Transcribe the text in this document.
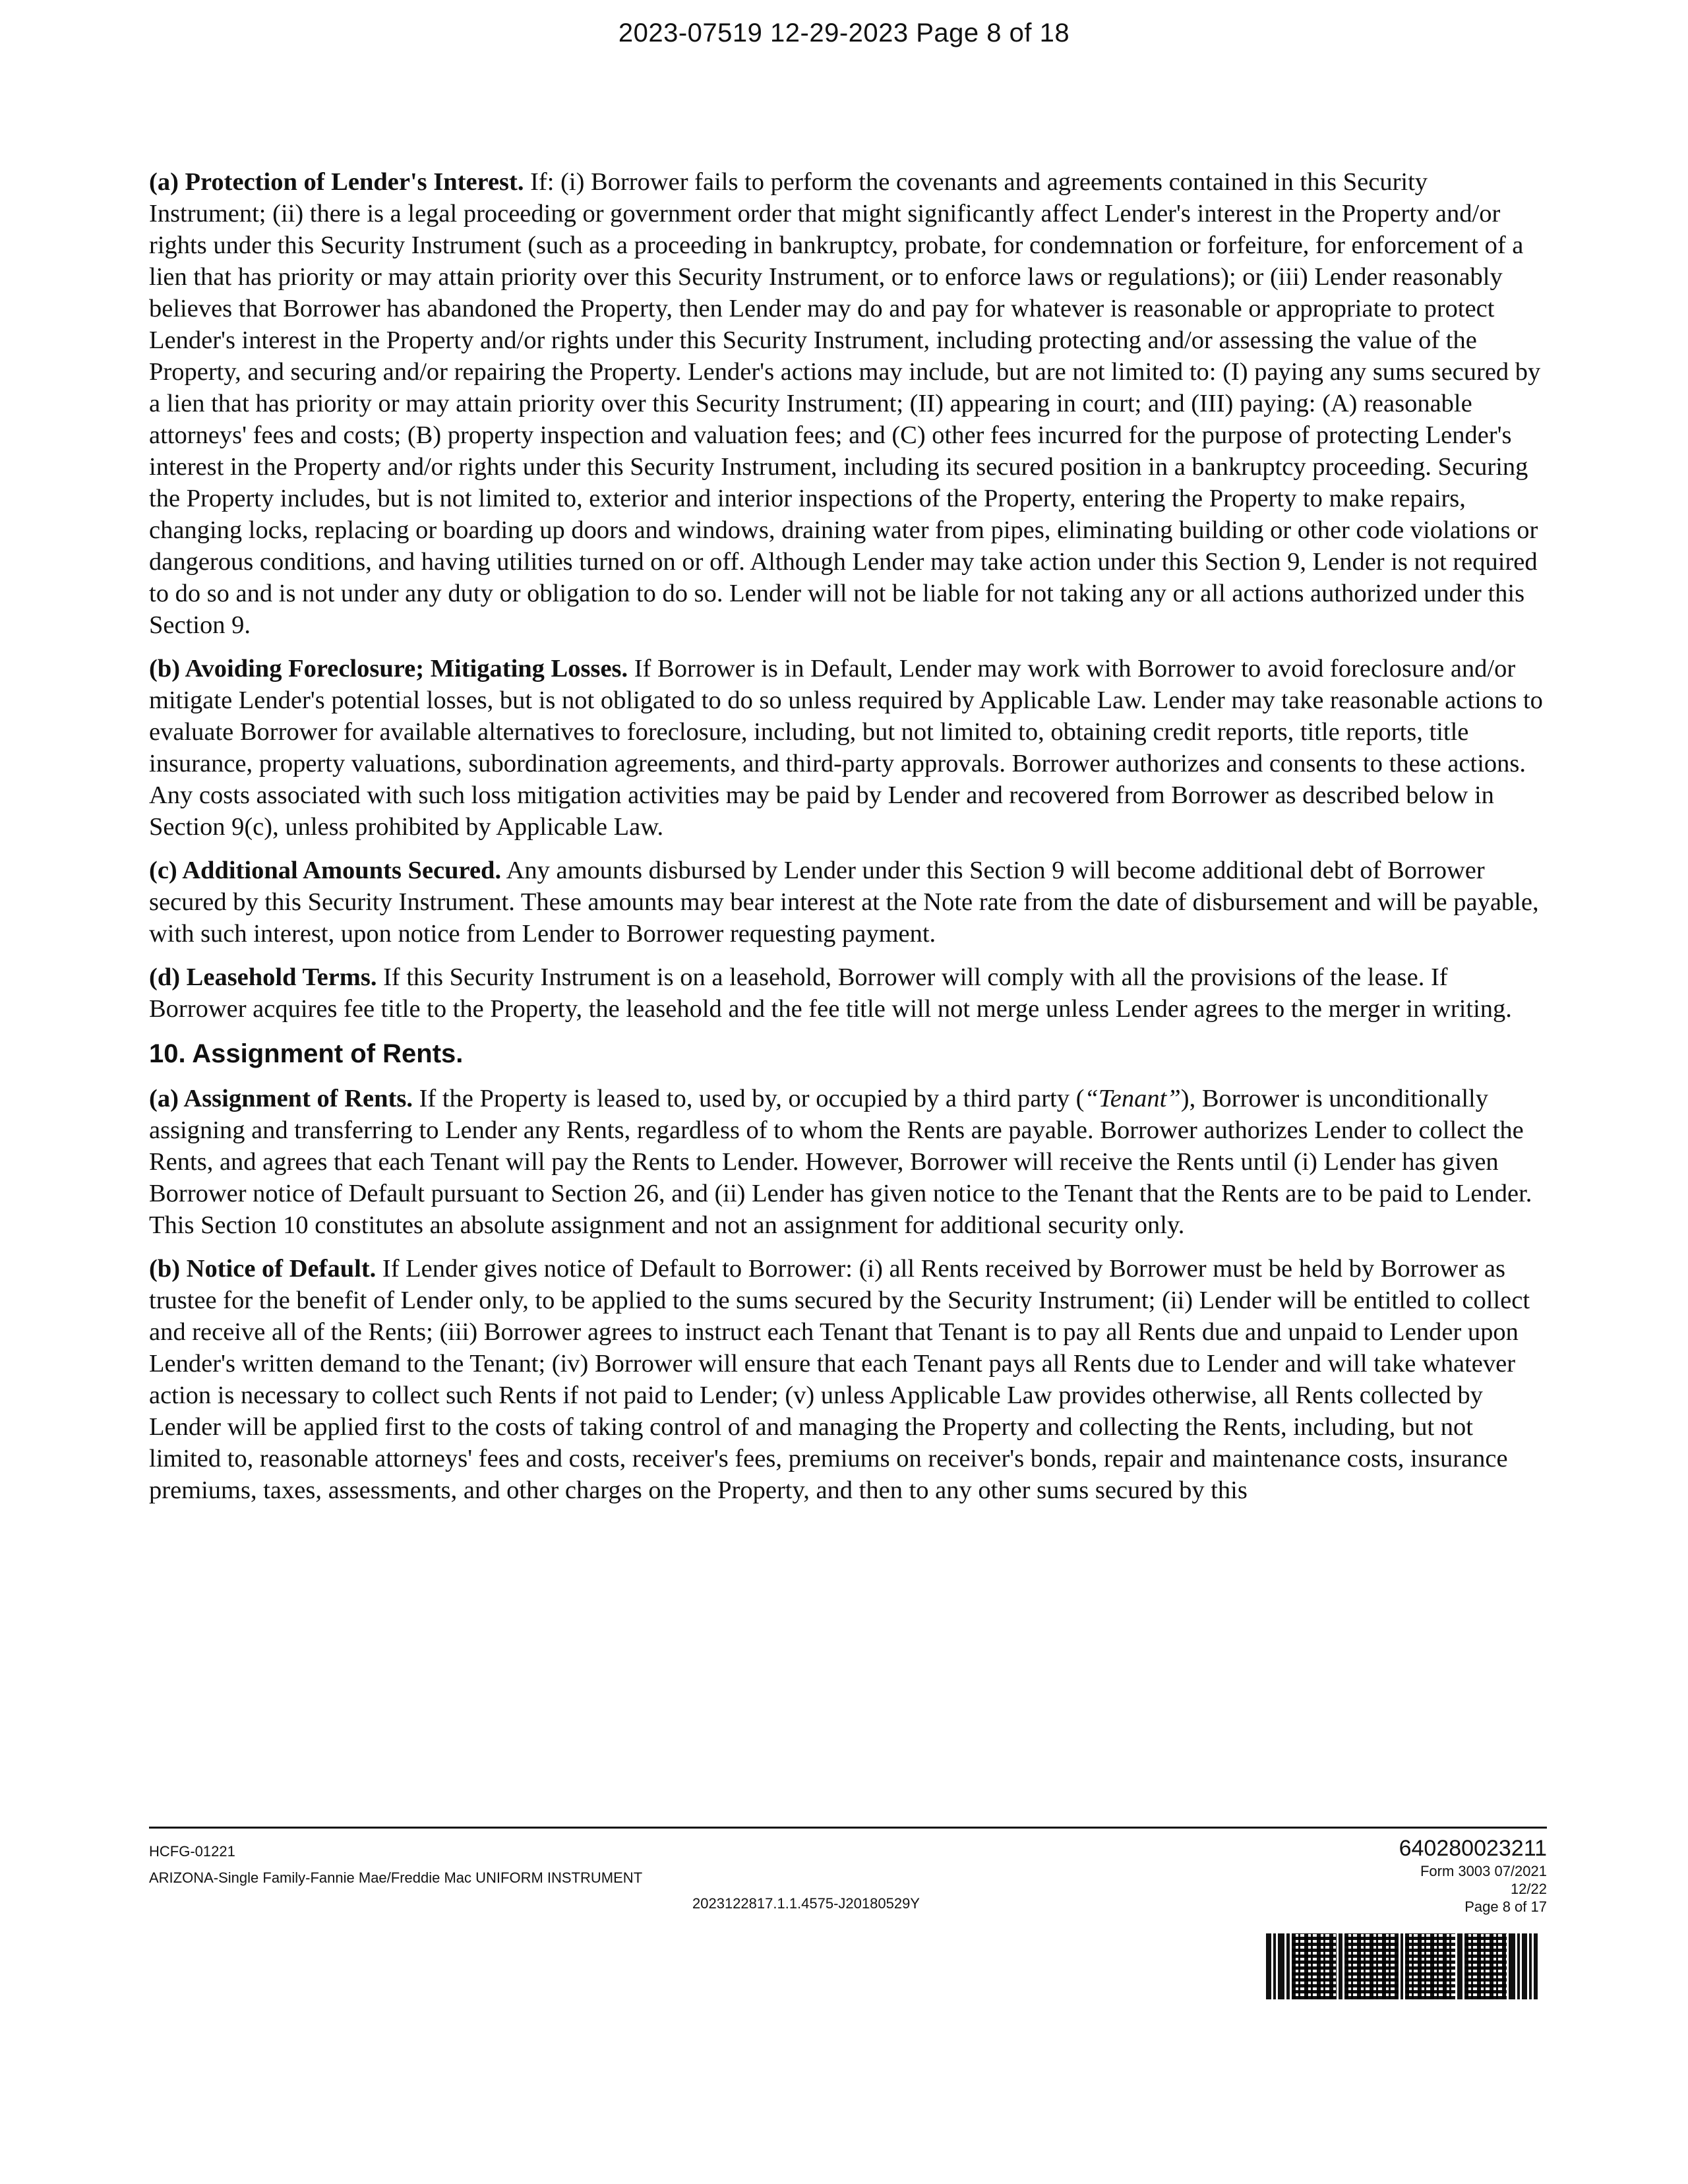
2023-07519 12-29-2023 Page 8 of 18

(a) Protection of Lender's Interest. If: (i) Borrower fails to perform the covenants and agreements contained in this Security Instrument; (ii) there is a legal proceeding or government order that might significantly affect Lender's interest in the Property and/or rights under this Security Instrument (such as a proceeding in bankruptcy, probate, for condemnation or forfeiture, for enforcement of a lien that has priority or may attain priority over this Security Instrument, or to enforce laws or regulations); or (iii) Lender reasonably believes that Borrower has abandoned the Property, then Lender may do and pay for whatever is reasonable or appropriate to protect Lender's interest in the Property and/or rights under this Security Instrument, including protecting and/or assessing the value of the Property, and securing and/or repairing the Property. Lender's actions may include, but are not limited to: (I) paying any sums secured by a lien that has priority or may attain priority over this Security Instrument; (II) appearing in court; and (III) paying: (A) reasonable attorneys' fees and costs; (B) property inspection and valuation fees; and (C) other fees incurred for the purpose of protecting Lender's interest in the Property and/or rights under this Security Instrument, including its secured position in a bankruptcy proceeding. Securing the Property includes, but is not limited to, exterior and interior inspections of the Property, entering the Property to make repairs, changing locks, replacing or boarding up doors and windows, draining water from pipes, eliminating building or other code violations or dangerous conditions, and having utilities turned on or off. Although Lender may take action under this Section 9, Lender is not required to do so and is not under any duty or obligation to do so. Lender will not be liable for not taking any or all actions authorized under this Section 9.

(b) Avoiding Foreclosure; Mitigating Losses. If Borrower is in Default, Lender may work with Borrower to avoid foreclosure and/or mitigate Lender's potential losses, but is not obligated to do so unless required by Applicable Law. Lender may take reasonable actions to evaluate Borrower for available alternatives to foreclosure, including, but not limited to, obtaining credit reports, title reports, title insurance, property valuations, subordination agreements, and third-party approvals. Borrower authorizes and consents to these actions. Any costs associated with such loss mitigation activities may be paid by Lender and recovered from Borrower as described below in Section 9(c), unless prohibited by Applicable Law.

(c) Additional Amounts Secured. Any amounts disbursed by Lender under this Section 9 will become additional debt of Borrower secured by this Security Instrument. These amounts may bear interest at the Note rate from the date of disbursement and will be payable, with such interest, upon notice from Lender to Borrower requesting payment.

(d) Leasehold Terms. If this Security Instrument is on a leasehold, Borrower will comply with all the provisions of the lease. If Borrower acquires fee title to the Property, the leasehold and the fee title will not merge unless Lender agrees to the merger in writing.

10. Assignment of Rents.

(a) Assignment of Rents. If the Property is leased to, used by, or occupied by a third party (“Tenant”), Borrower is unconditionally assigning and transferring to Lender any Rents, regardless of to whom the Rents are payable. Borrower authorizes Lender to collect the Rents, and agrees that each Tenant will pay the Rents to Lender. However, Borrower will receive the Rents until (i) Lender has given Borrower notice of Default pursuant to Section 26, and (ii) Lender has given notice to the Tenant that the Rents are to be paid to Lender. This Section 10 constitutes an absolute assignment and not an assignment for additional security only.

(b) Notice of Default. If Lender gives notice of Default to Borrower: (i) all Rents received by Borrower must be held by Borrower as trustee for the benefit of Lender only, to be applied to the sums secured by the Security Instrument; (ii) Lender will be entitled to collect and receive all of the Rents; (iii) Borrower agrees to instruct each Tenant that Tenant is to pay all Rents due and unpaid to Lender upon Lender's written demand to the Tenant; (iv) Borrower will ensure that each Tenant pays all Rents due to Lender and will take whatever action is necessary to collect such Rents if not paid to Lender; (v) unless Applicable Law provides otherwise, all Rents collected by Lender will be applied first to the costs of taking control of and managing the Property and collecting the Rents, including, but not limited to, reasonable attorneys' fees and costs, receiver's fees, premiums on receiver's bonds, repair and maintenance costs, insurance premiums, taxes, assessments, and other charges on the Property, and then to any other sums secured by this

HCFG-01221
ARIZONA-Single Family-Fannie Mae/Freddie Mac UNIFORM INSTRUMENT
2023122817.1.1.4575-J20180529Y
640280023211
Form 3003 07/2021
12/22
Page 8 of 17
